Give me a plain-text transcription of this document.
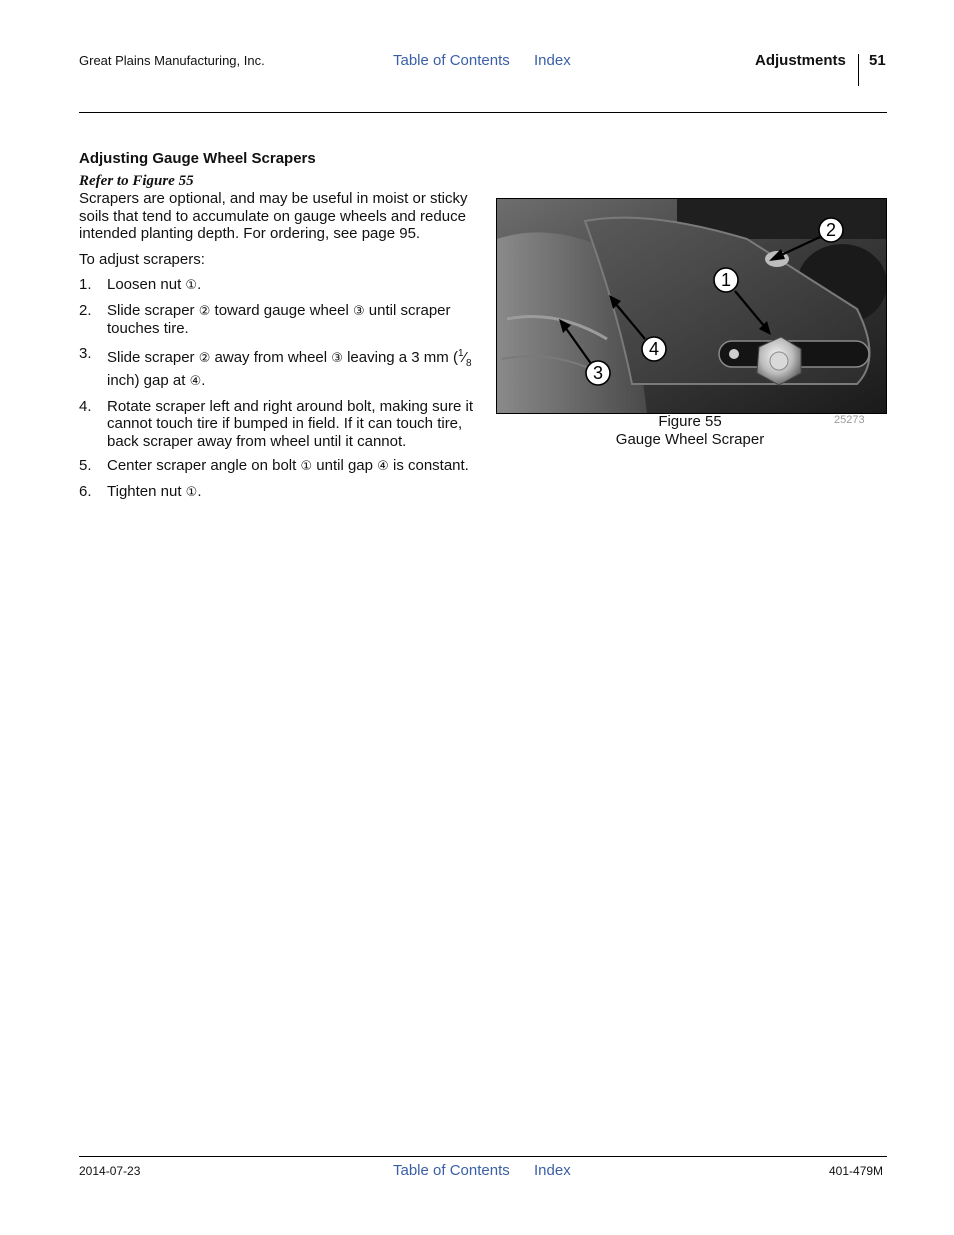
Great Plains Manufacturing, Inc.	Table of Contents Index	Adjustments 51
Adjusting Gauge Wheel Scrapers
Refer to Figure 55
Scrapers are optional, and may be useful in moist or sticky soils that tend to accumulate on gauge wheels and reduce intended planting depth. For ordering, see page 95.
To adjust scrapers:
1. Loosen nut ①.
2. Slide scraper ② toward gauge wheel ③ until scraper touches tire.
3. Slide scraper ② away from wheel ③ leaving a 3 mm ($^1⁄_8$ inch) gap at ④.
4. Rotate scraper left and right around bolt, making sure it cannot touch tire if bumped in field. If it can touch tire, back scraper away from wheel until it cannot.
5. Center scraper angle on bolt ① until gap ④ is constant.
6. Tighten nut ①.
2
1
4
3
Figure 55
Gauge Wheel Scraper
25273
2014-07-23	Table of Contents Index	401-479M
